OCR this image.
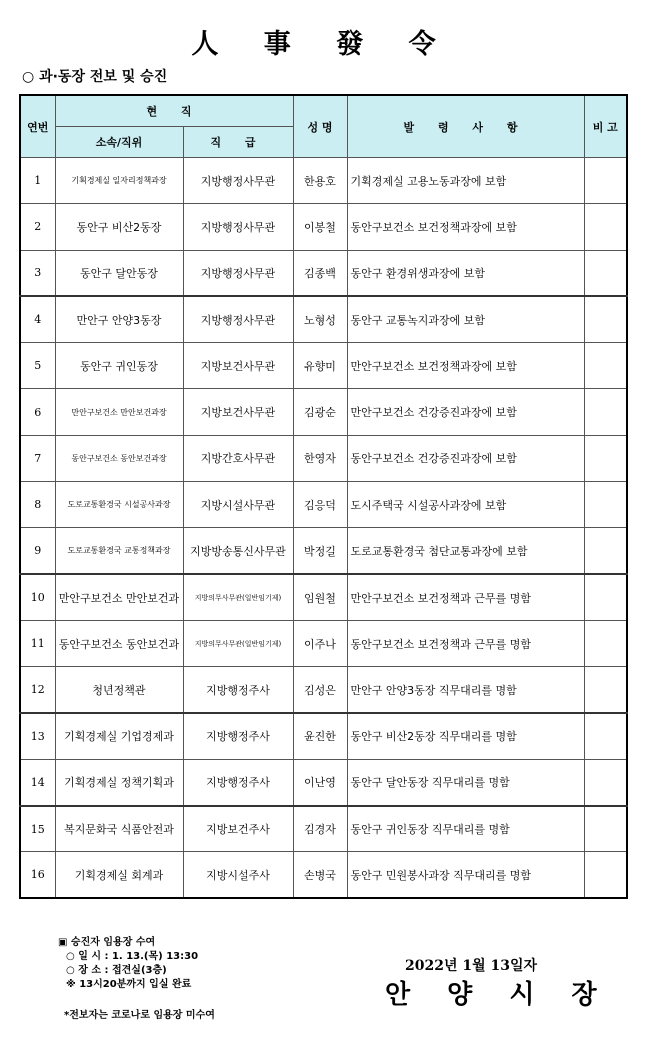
人 事 發 令
○ 과·동장 전보 및 승진
연번	현 직		성 명	발 령 사 항	비 고
	소속/직위	직 급			
1	기획경제실 일자리정책과장	지방행정사무관	한용호	기획경제실 고용노동과장에 보함	
2	동안구 비산2동장	지방행정사무관	이봉철	동안구보건소 보건정책과장에 보함	
3	동안구 달안동장	지방행정사무관	김종백	동안구 환경위생과장에 보함	
4	만안구 안양3동장	지방행정사무관	노형성	동안구 교통녹지과장에 보함	
5	동안구 귀인동장	지방보건사무관	유향미	만안구보건소 보건정책과장에 보함	
6	만안구보건소 만안보건과장	지방보건사무관	김광순	만안구보건소 건강증진과장에 보함	
7	동안구보건소 동안보건과장	지방간호사무관	한영자	동안구보건소 건강증진과장에 보함	
8	도로교통환경국 시설공사과장	지방시설사무관	김응덕	도시주택국 시설공사과장에 보함	
9	도로교통환경국 교통정책과장	지방방송통신사무관	박정길	도로교통환경국 첨단교통과장에 보함	
10	만안구보건소 만안보건과	지방의무사무관(일반임기제)	임원철	만안구보건소 보건정책과 근무를 명함	
11	동안구보건소 동안보건과	지방의무사무관(일반임기제)	이주나	동안구보건소 보건정책과 근무를 명함	
12	청년정책관	지방행정주사	김성은	만안구 안양3동장 직무대리를 명함	
13	기획경제실 기업경제과	지방행정주사	윤진한	동안구 비산2동장 직무대리를 명함	
14	기획경제실 정책기획과	지방행정주사	이난영	동안구 달안동장 직무대리를 명함	
15	복지문화국 식품안전과	지방보건주사	김경자	동안구 귀인동장 직무대리를 명함	
16	기획경제실 회계과	지방시설주사	손병국	동안구 민원봉사과장 직무대리를 명함	
▣ 승진자 임용장 수여
○ 일 시 : 1. 13.(목) 13:30
○ 장 소 : 접견실(3층)
※ 13시20분까지 입실 완료
*전보자는 코로나로 임용장 미수여
2022년 1월 13일자
안 양 시 장
